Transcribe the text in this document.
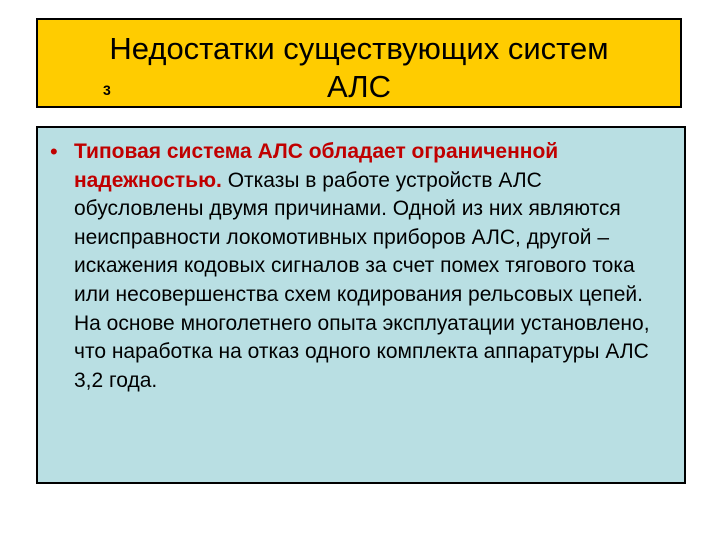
Недостатки существующих систем
АЛС
3
• Типовая система АЛС обладает ограниченной надежностью. Отказы в работе устройств АЛС обусловлены двумя причинами. Одной из них являются неисправности локомотивных приборов АЛС, другой – искажения кодовых сигналов за счет помех тягового тока или несовершенства схем кодирования рельсовых цепей. На основе многолетнего опыта эксплуатации установлено, что наработка на отказ одного комплекта аппаратуры АЛС 3,2 года.
